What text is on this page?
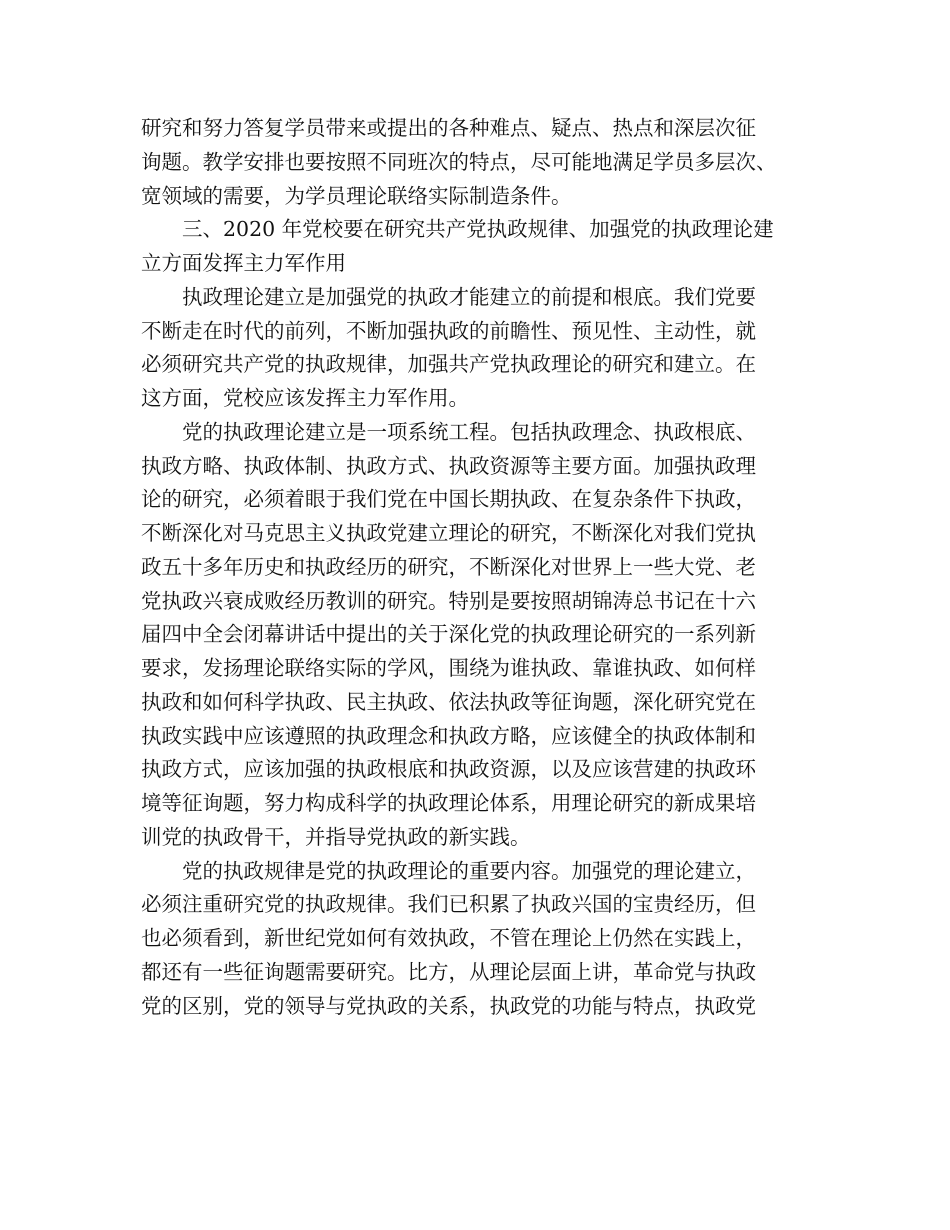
研究和努力答复学员带来或提出的各种难点、疑点、热点和深层次征
询题。教学安排也要按照不同班次的特点，尽可能地满足学员多层次、
宽领域的需要，为学员理论联络实际制造条件。
三、2020 年党校要在研究共产党执政规律、加强党的执政理论建
立方面发挥主力军作用
执政理论建立是加强党的执政才能建立的前提和根底。我们党要
不断走在时代的前列，不断加强执政的前瞻性、预见性、主动性，就
必须研究共产党的执政规律，加强共产党执政理论的研究和建立。在
这方面，党校应该发挥主力军作用。
党的执政理论建立是一项系统工程。包括执政理念、执政根底、
执政方略、执政体制、执政方式、执政资源等主要方面。加强执政理
论的研究，必须着眼于我们党在中国长期执政、在复杂条件下执政，
不断深化对马克思主义执政党建立理论的研究，不断深化对我们党执
政五十多年历史和执政经历的研究，不断深化对世界上一些大党、老
党执政兴衰成败经历教训的研究。特别是要按照胡锦涛总书记在十六
届四中全会闭幕讲话中提出的关于深化党的执政理论研究的一系列新
要求，发扬理论联络实际的学风，围绕为谁执政、靠谁执政、如何样
执政和如何科学执政、民主执政、依法执政等征询题，深化研究党在
执政实践中应该遵照的执政理念和执政方略，应该健全的执政体制和
执政方式，应该加强的执政根底和执政资源，以及应该营建的执政环
境等征询题，努力构成科学的执政理论体系，用理论研究的新成果培
训党的执政骨干，并指导党执政的新实践。
党的执政规律是党的执政理论的重要内容。加强党的理论建立，
必须注重研究党的执政规律。我们已积累了执政兴国的宝贵经历，但
也必须看到，新世纪党如何有效执政，不管在理论上仍然在实践上，
都还有一些征询题需要研究。比方，从理论层面上讲，革命党与执政
党的区别，党的领导与党执政的关系，执政党的功能与特点，执政党
